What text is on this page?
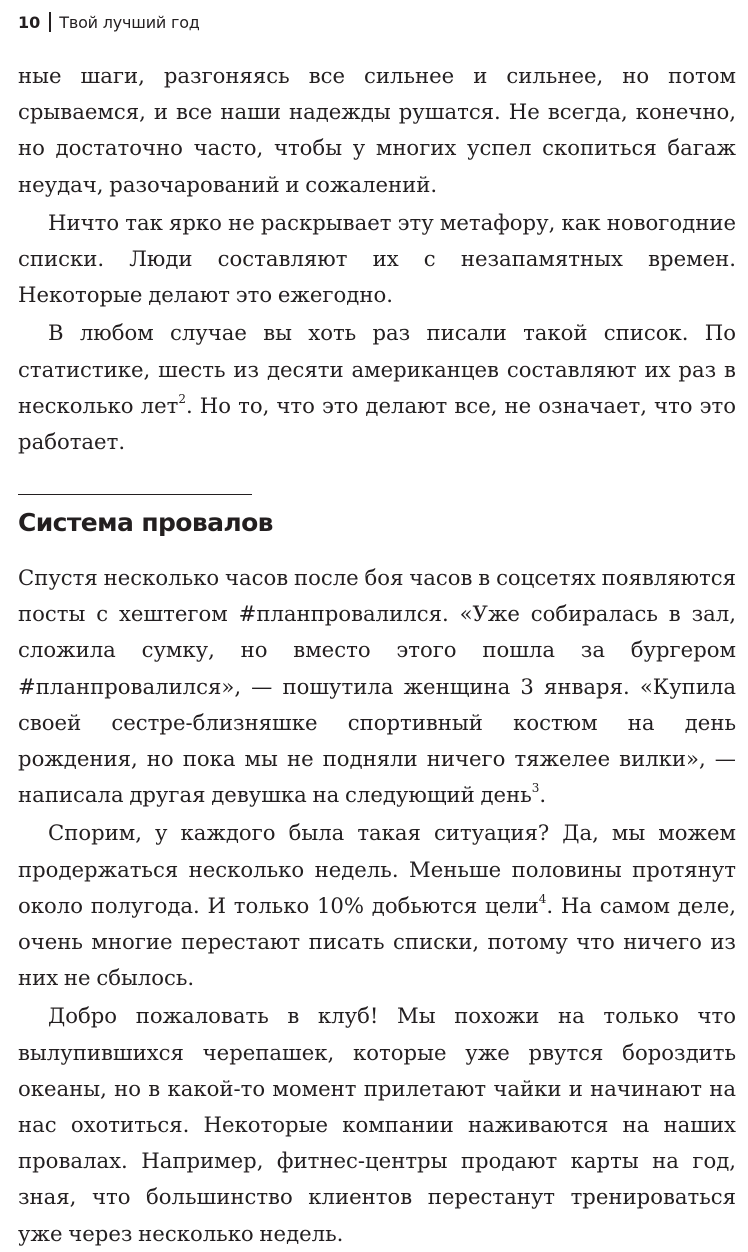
10 Твой лучший год

ные шаги, разгоняясь все сильнее и сильнее, но потом срываемся, и все наши надежды рушатся. Не всегда, конечно, но достаточно часто, чтобы у многих успел скопиться багаж неудач, разочарований и сожалений.

Ничто так ярко не раскрывает эту метафору, как новогодние списки. Люди составляют их с незапамятных времен. Некоторые делают это ежегодно.

В любом случае вы хоть раз писали такой список. По статистике, шесть из десяти американцев составляют их раз в несколько лет$^2$. Но то, что это делают все, не означает, что это работает.

Система провалов

Спустя несколько часов после боя часов в соцсетях появляются посты с хештегом #планпровалился. «Уже собиралась в зал, сложила сумку, но вместо этого пошла за бургером #планпровалился», — пошутила женщина 3 января. «Купила своей сестре-близняшке спортивный костюм на день рождения, но пока мы не подняли ничего тяжелее вилки», — написала другая девушка на следующий день$^3$.

Спорим, у каждого была такая ситуация? Да, мы можем продержаться несколько недель. Меньше половины протянут около полугода. И только 10% добьются цели$^4$. На самом деле, очень многие перестают писать списки, потому что ничего из них не сбылось.

Добро пожаловать в клуб! Мы похожи на только что вылупившихся черепашек, которые уже рвутся бороздить океаны, но в какой-то момент прилетают чайки и начинают на нас охотиться. Некоторые компании наживаются на наших провалах. Например, фитнес-центры продают карты на год, зная, что большинство клиентов перестанут тренироваться уже через несколько недель.
